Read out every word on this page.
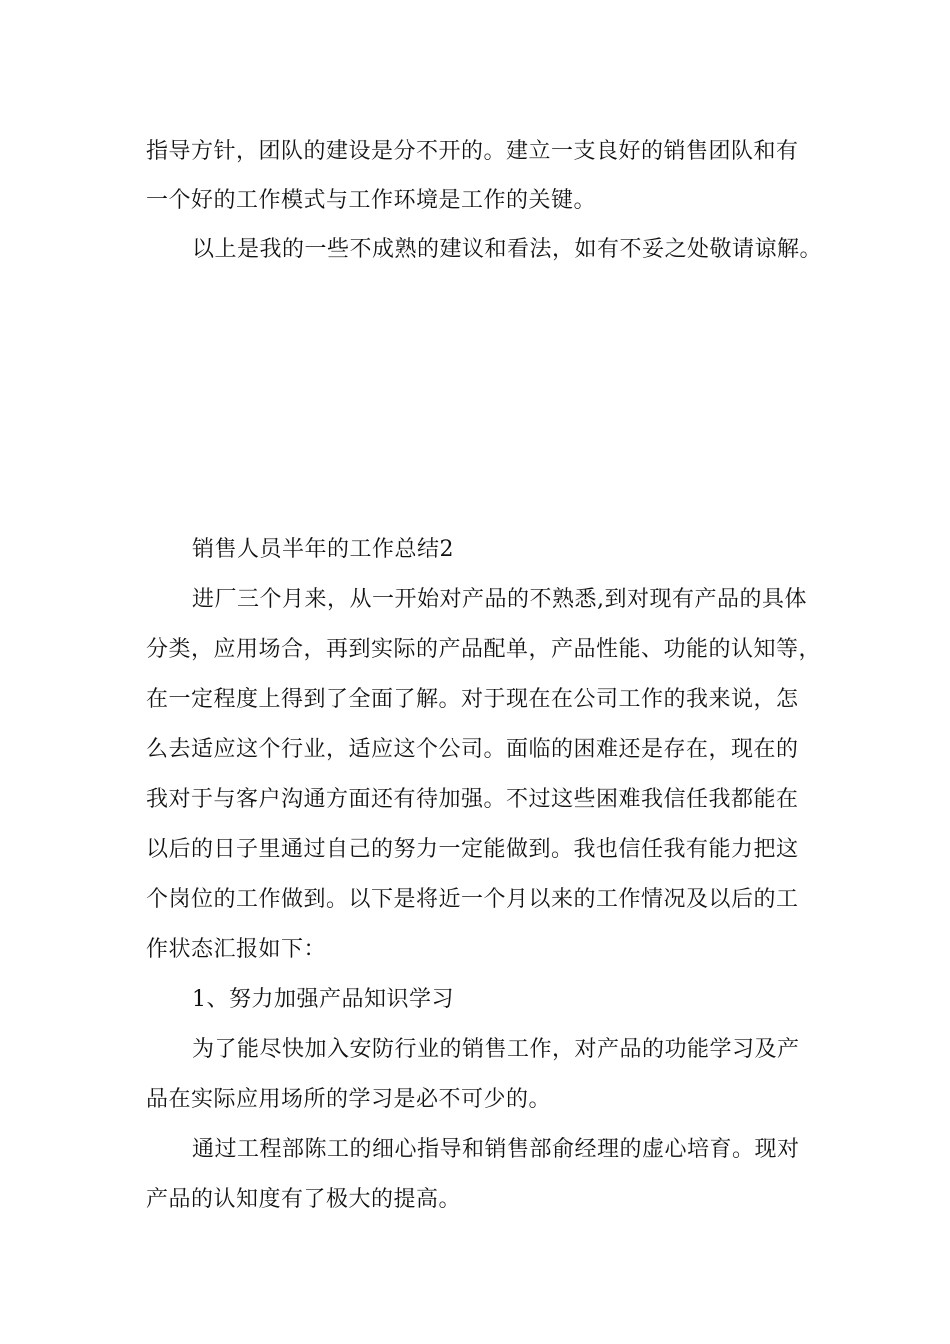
指导方针，团队的建设是分不开的。建立一支良好的销售团队和有
一个好的工作模式与工作环境是工作的关键。
以上是我的一些不成熟的建议和看法，如有不妥之处敬请谅解。
销售人员半年的工作总结2
进厂三个月来，从一开始对产品的不熟悉,到对现有产品的具体
分类，应用场合，再到实际的产品配单，产品性能、功能的认知等，
在一定程度上得到了全面了解。对于现在在公司工作的我来说，怎
么去适应这个行业，适应这个公司。面临的困难还是存在，现在的
我对于与客户沟通方面还有待加强。不过这些困难我信任我都能在
以后的日子里通过自己的努力一定能做到。我也信任我有能力把这
个岗位的工作做到。以下是将近一个月以来的工作情况及以后的工
作状态汇报如下：
1、努力加强产品知识学习
为了能尽快加入安防行业的销售工作，对产品的功能学习及产
品在实际应用场所的学习是必不可少的。
通过工程部陈工的细心指导和销售部俞经理的虚心培育。现对
产品的认知度有了极大的提高。
